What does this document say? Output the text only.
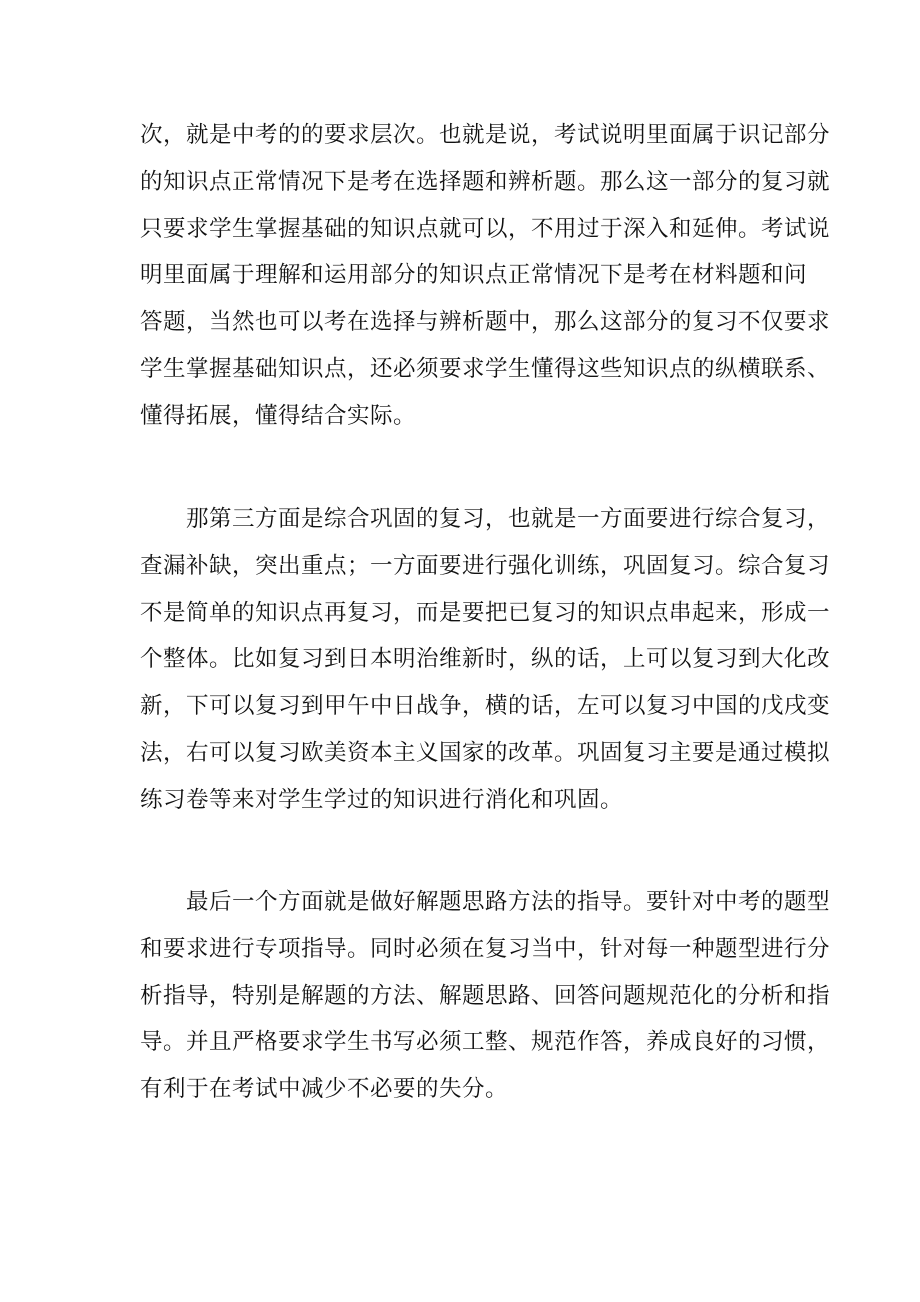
次，就是中考的的要求层次。也就是说，考试说明里面属于识记部分
的知识点正常情况下是考在选择题和辨析题。那么这一部分的复习就
只要求学生掌握基础的知识点就可以，不用过于深入和延伸。考试说
明里面属于理解和运用部分的知识点正常情况下是考在材料题和问
答题，当然也可以考在选择与辨析题中，那么这部分的复习不仅要求
学生掌握基础知识点，还必须要求学生懂得这些知识点的纵横联系、
懂得拓展，懂得结合实际。

　　那第三方面是综合巩固的复习，也就是一方面要进行综合复习，
查漏补缺，突出重点；一方面要进行强化训练，巩固复习。综合复习
不是简单的知识点再复习，而是要把已复习的知识点串起来，形成一
个整体。比如复习到日本明治维新时，纵的话，上可以复习到大化改
新，下可以复习到甲午中日战争，横的话，左可以复习中国的戊戌变
法，右可以复习欧美资本主义国家的改革。巩固复习主要是通过模拟
练习卷等来对学生学过的知识进行消化和巩固。

　　最后一个方面就是做好解题思路方法的指导。要针对中考的题型
和要求进行专项指导。同时必须在复习当中，针对每一种题型进行分
析指导，特别是解题的方法、解题思路、回答问题规范化的分析和指
导。并且严格要求学生书写必须工整、规范作答，养成良好的习惯，
有利于在考试中减少不必要的失分。
